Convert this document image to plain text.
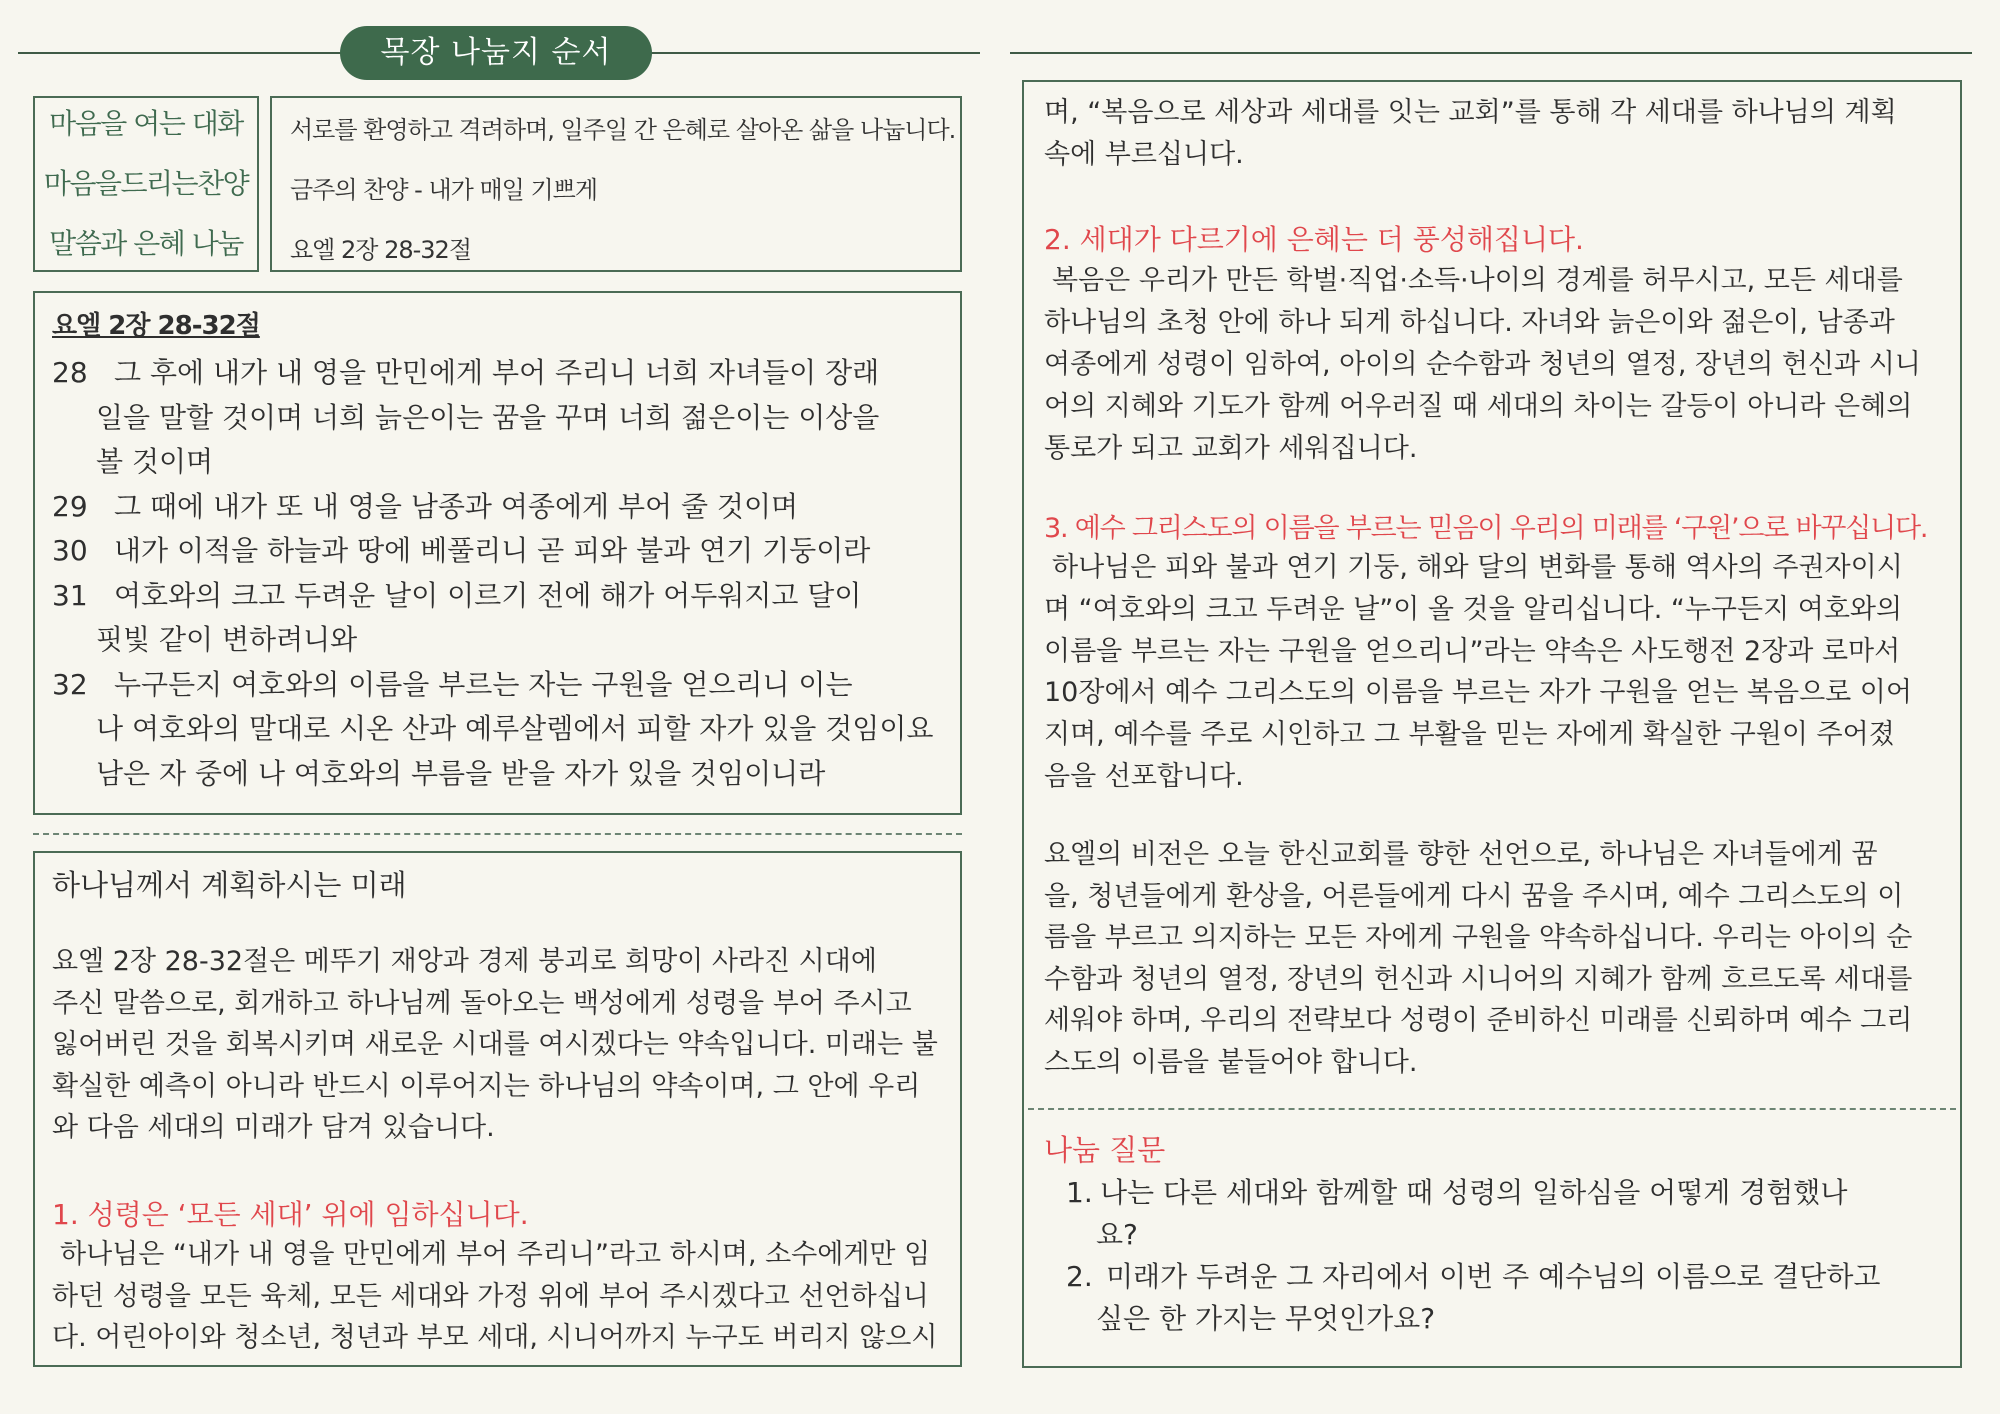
목장 나눔지 순서
마음을 여는 대화
마음을드리는찬양
말씀과 은혜 나눔
서로를 환영하고 격려하며, 일주일 간 은혜로 살아온 삶을 나눕니다.
금주의 찬양 - 내가 매일 기쁘게
요엘 2장 28-32절
요엘 2장 28-32절
28 그 후에 내가 내 영을 만민에게 부어 주리니 너희 자녀들이 장래
일을 말할 것이며 너희 늙은이는 꿈을 꾸며 너희 젊은이는 이상을
볼 것이며
29 그 때에 내가 또 내 영을 남종과 여종에게 부어 줄 것이며
30 내가 이적을 하늘과 땅에 베풀리니 곧 피와 불과 연기 기둥이라
31 여호와의 크고 두려운 날이 이르기 전에 해가 어두워지고 달이
핏빛 같이 변하려니와
32 누구든지 여호와의 이름을 부르는 자는 구원을 얻으리니 이는
나 여호와의 말대로 시온 산과 예루살렘에서 피할 자가 있을 것임이요
남은 자 중에 나 여호와의 부름을 받을 자가 있을 것임이니라
하나님께서 계획하시는 미래
요엘 2장 28-32절은 메뚜기 재앙과 경제 붕괴로 희망이 사라진 시대에
주신 말씀으로, 회개하고 하나님께 돌아오는 백성에게 성령을 부어 주시고
잃어버린 것을 회복시키며 새로운 시대를 여시겠다는 약속입니다. 미래는 불
확실한 예측이 아니라 반드시 이루어지는 하나님의 약속이며, 그 안에 우리
와 다음 세대의 미래가 담겨 있습니다.
1. 성령은 ‘모든 세대’ 위에 임하십니다.
하나님은 “내가 내 영을 만민에게 부어 주리니”라고 하시며, 소수에게만 임
하던 성령을 모든 육체, 모든 세대와 가정 위에 부어 주시겠다고 선언하십니
다. 어린아이와 청소년, 청년과 부모 세대, 시니어까지 누구도 버리지 않으시
며, “복음으로 세상과 세대를 잇는 교회”를 통해 각 세대를 하나님의 계획
속에 부르십니다.
2. 세대가 다르기에 은혜는 더 풍성해집니다.
복음은 우리가 만든 학벌·직업·소득·나이의 경계를 허무시고, 모든 세대를
하나님의 초청 안에 하나 되게 하십니다. 자녀와 늙은이와 젊은이, 남종과
여종에게 성령이 임하여, 아이의 순수함과 청년의 열정, 장년의 헌신과 시니
어의 지혜와 기도가 함께 어우러질 때 세대의 차이는 갈등이 아니라 은혜의
통로가 되고 교회가 세워집니다.
3. 예수 그리스도의 이름을 부르는 믿음이 우리의 미래를 ‘구원’으로 바꾸십니다.
하나님은 피와 불과 연기 기둥, 해와 달의 변화를 통해 역사의 주권자이시
며 “여호와의 크고 두려운 날”이 올 것을 알리십니다. “누구든지 여호와의
이름을 부르는 자는 구원을 얻으리니”라는 약속은 사도행전 2장과 로마서
10장에서 예수 그리스도의 이름을 부르는 자가 구원을 얻는 복음으로 이어
지며, 예수를 주로 시인하고 그 부활을 믿는 자에게 확실한 구원이 주어졌
음을 선포합니다.
요엘의 비전은 오늘 한신교회를 향한 선언으로, 하나님은 자녀들에게 꿈
을, 청년들에게 환상을, 어른들에게 다시 꿈을 주시며, 예수 그리스도의 이
름을 부르고 의지하는 모든 자에게 구원을 약속하십니다. 우리는 아이의 순
수함과 청년의 열정, 장년의 헌신과 시니어의 지혜가 함께 흐르도록 세대를
세워야 하며, 우리의 전략보다 성령이 준비하신 미래를 신뢰하며 예수 그리
스도의 이름을 붙들어야 합니다.
나눔 질문
1. 나는 다른 세대와 함께할 때 성령의 일하심을 어떻게 경험했나
요?
2. 미래가 두려운 그 자리에서 이번 주 예수님의 이름으로 결단하고
싶은 한 가지는 무엇인가요?
